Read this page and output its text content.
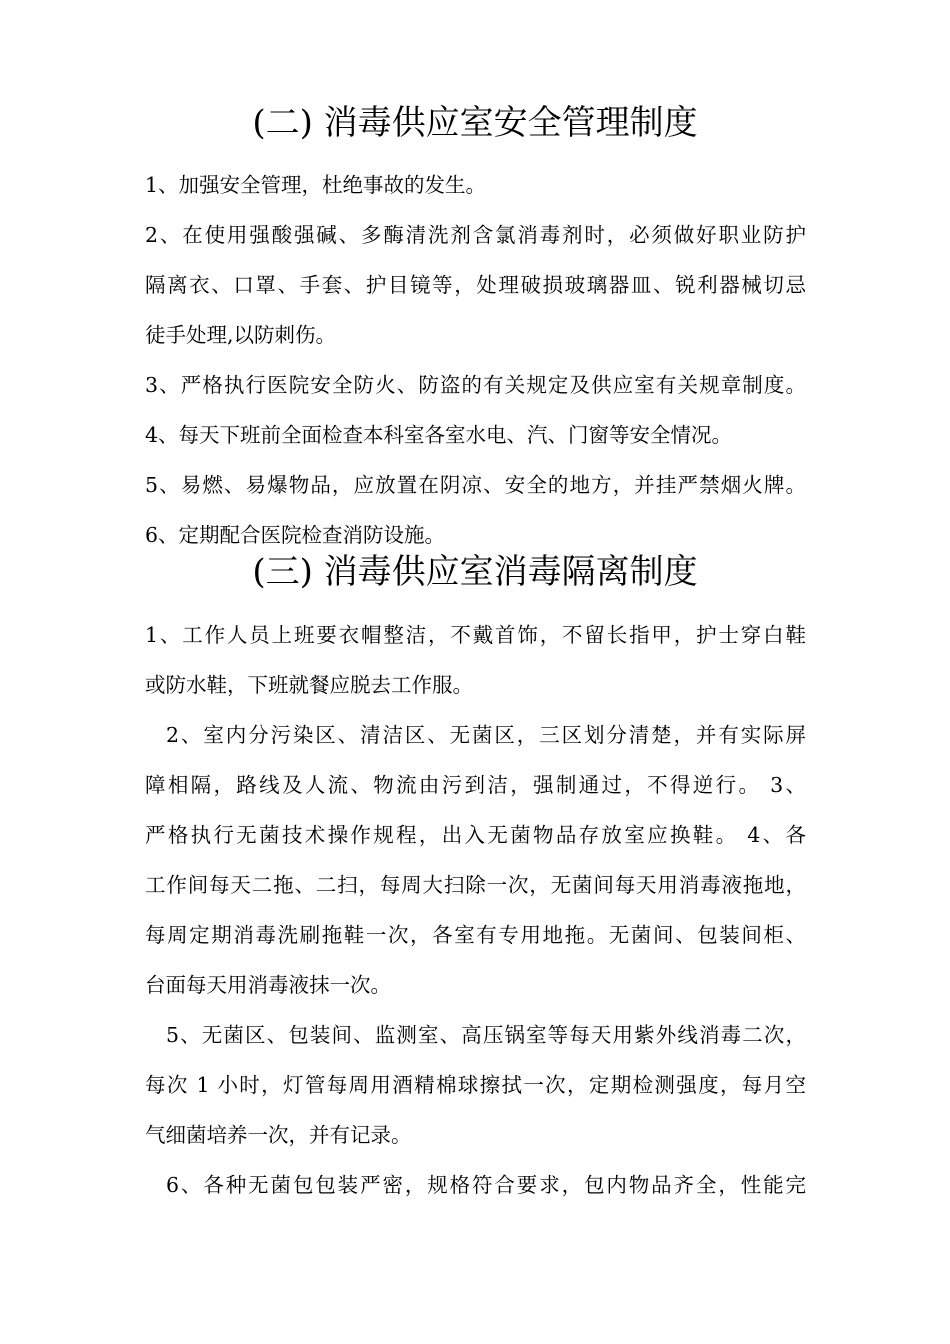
(二) 消毒供应室安全管理制度

1、加强安全管理，杜绝事故的发生。

2、在使用强酸强碱、多酶清洗剂含氯消毒剂时，必须做好职业防护

隔离衣、口罩、手套、护目镜等，处理破损玻璃器皿、锐利器械切忌

徒手处理,以防刺伤。

3、严格执行医院安全防火、防盗的有关规定及供应室有关规章制度。

4、每天下班前全面检查本科室各室水电、汽、门窗等安全情况。

5、易燃、易爆物品，应放置在阴凉、安全的地方，并挂严禁烟火牌。

6、定期配合医院检查消防设施。

(三) 消毒供应室消毒隔离制度

1、工作人员上班要衣帽整洁，不戴首饰，不留长指甲，护士穿白鞋

或防水鞋，下班就餐应脱去工作服。

2、室内分污染区、清洁区、无菌区，三区划分清楚，并有实际屏

障相隔，路线及人流、物流由污到洁，强制通过，不得逆行。 3、

严格执行无菌技术操作规程，出入无菌物品存放室应换鞋。 4、各

工作间每天二拖、二扫，每周大扫除一次，无菌间每天用消毒液拖地，

每周定期消毒洗刷拖鞋一次，各室有专用地拖。无菌间、包装间柜、

台面每天用消毒液抹一次。

5、无菌区、包装间、监测室、高压锅室等每天用紫外线消毒二次，

每次 1 小时，灯管每周用酒精棉球擦拭一次，定期检测强度，每月空

气细菌培养一次，并有记录。

6、各种无菌包包装严密，规格符合要求，包内物品齐全，性能完
